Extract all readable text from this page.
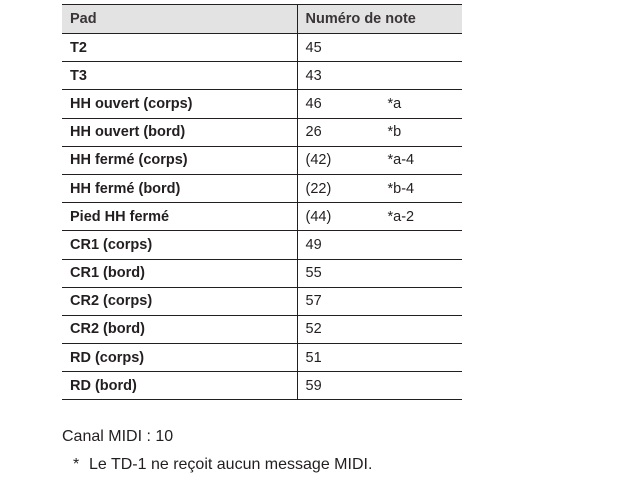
Pad	Numéro de note
T2	45
T3	43
HH ouvert (corps)	46 *a
HH ouvert (bord)	26 *b
HH fermé (corps)	(42) *a-4
HH fermé (bord)	(22) *b-4
Pied HH fermé	(44) *a-2
CR1 (corps)	49
CR1 (bord)	55
CR2 (corps)	57
CR2 (bord)	52
RD (corps)	51
RD (bord)	59
Canal MIDI : 10
* Le TD-1 ne reçoit aucun message MIDI.
